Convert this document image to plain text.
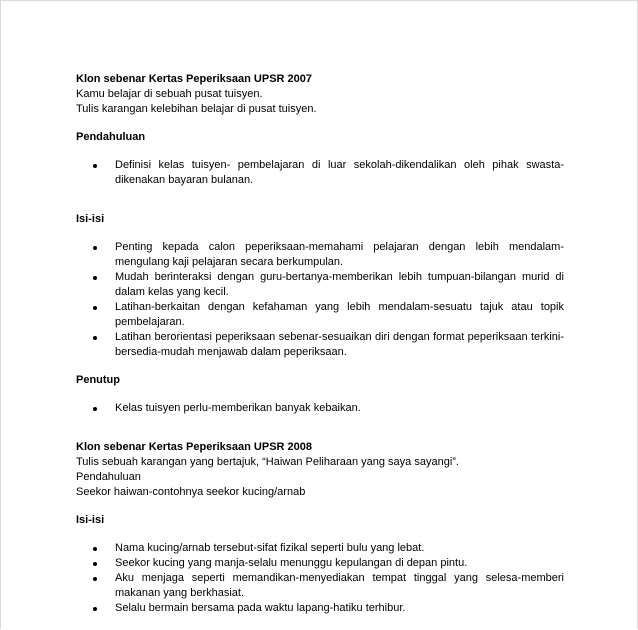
Klon sebenar Kertas Peperiksaan UPSR 2007
Kamu belajar di sebuah pusat tuisyen.
Tulis karangan kelebihan belajar di pusat tuisyen.
Pendahuluan
Definisi kelas tuisyen- pembelajaran di luar sekolah-dikendalikan oleh pihak swasta-dikenakan bayaran bulanan.
Isi-isi
Penting kepada calon peperiksaan-memahami pelajaran dengan lebih mendalam-mengulang kaji pelajaran secara berkumpulan.
Mudah berinteraksi dengan guru-bertanya-memberikan lebih tumpuan-bilangan murid di dalam kelas yang kecil.
Latihan-berkaitan dengan kefahaman yang lebih mendalam-sesuatu tajuk atau topik pembelajaran.
Latihan berorientasi peperiksaan sebenar-sesuaikan diri dengan format peperiksaan terkini-bersedia-mudah menjawab dalam peperiksaan.
Penutup
Kelas tuisyen perlu-memberikan banyak kebaikan.
Klon sebenar Kertas Peperiksaan UPSR 2008
Tulis sebuah karangan yang bertajuk, “Haiwan Peliharaan yang saya sayangi”.
Pendahuluan
Seekor haiwan-contohnya seekor kucing/arnab
Isi-isi
Nama kucing/arnab tersebut-sifat fizikal seperti bulu yang lebat.
Seekor kucing yang manja-selalu menunggu kepulangan di depan pintu.
Aku menjaga seperti memandikan-menyediakan tempat tinggal yang selesa-memberi makanan yang berkhasiat.
Selalu bermain bersama pada waktu lapang-hatiku terhibur.
